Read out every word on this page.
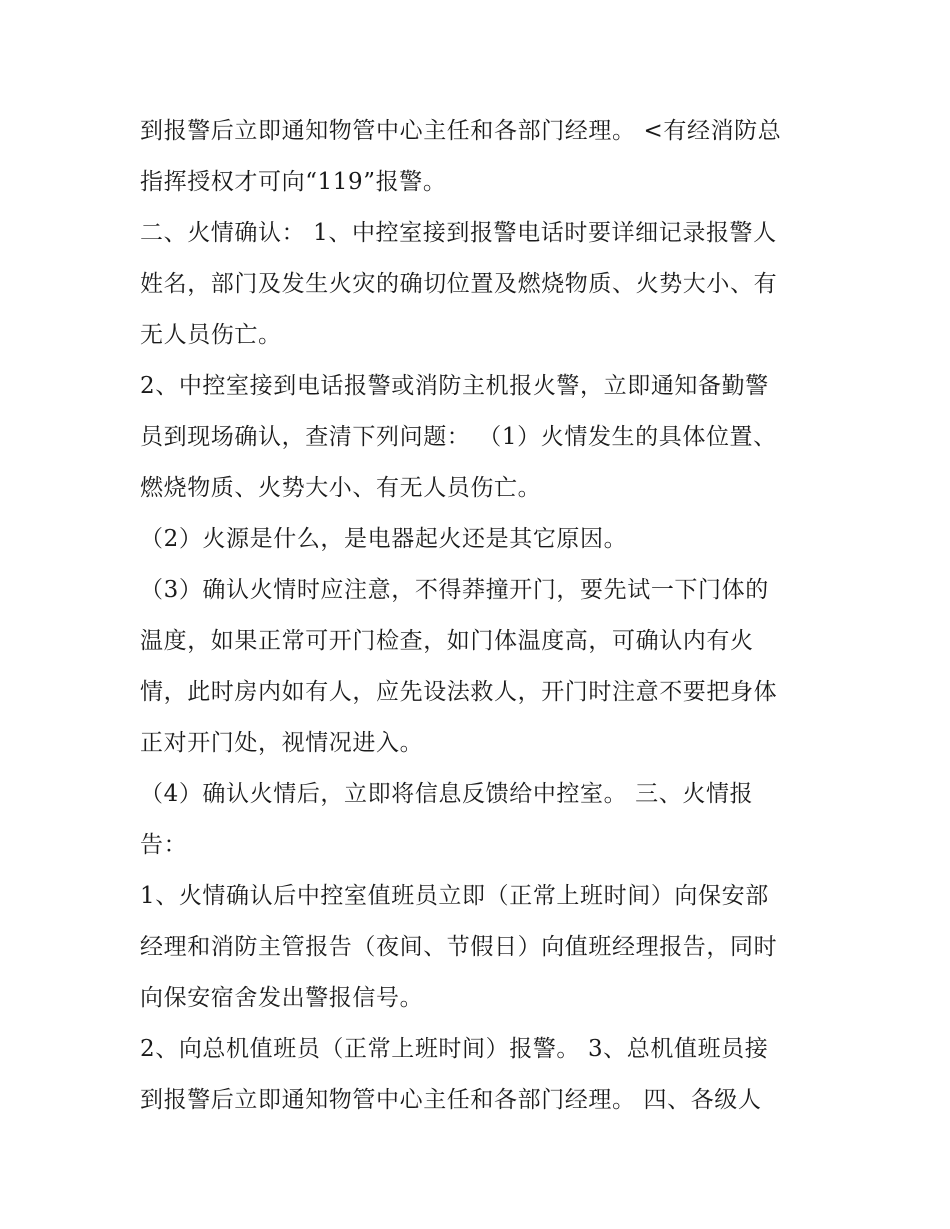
到报警后立即通知物管中心主任和各部门经理。 <有经消防总
指挥授权才可向“119”报警。
二、火情确认： 1、中控室接到报警电话时要详细记录报警人
姓名，部门及发生火灾的确切位置及燃烧物质、火势大小、有
无人员伤亡。
2、中控室接到电话报警或消防主机报火警，立即通知备勤警
员到现场确认，查清下列问题： （1）火情发生的具体位置、
燃烧物质、火势大小、有无人员伤亡。
（2）火源是什么，是电器起火还是其它原因。
（3）确认火情时应注意，不得莽撞开门，要先试一下门体的
温度，如果正常可开门检查，如门体温度高，可确认内有火
情，此时房内如有人，应先设法救人，开门时注意不要把身体
正对开门处，视情况进入。
（4）确认火情后，立即将信息反馈给中控室。 三、火情报
告：
1、火情确认后中控室值班员立即（正常上班时间）向保安部
经理和消防主管报告（夜间、节假日）向值班经理报告，同时
向保安宿舍发出警报信号。
2、向总机值班员（正常上班时间）报警。 3、总机值班员接
到报警后立即通知物管中心主任和各部门经理。 四、各级人
